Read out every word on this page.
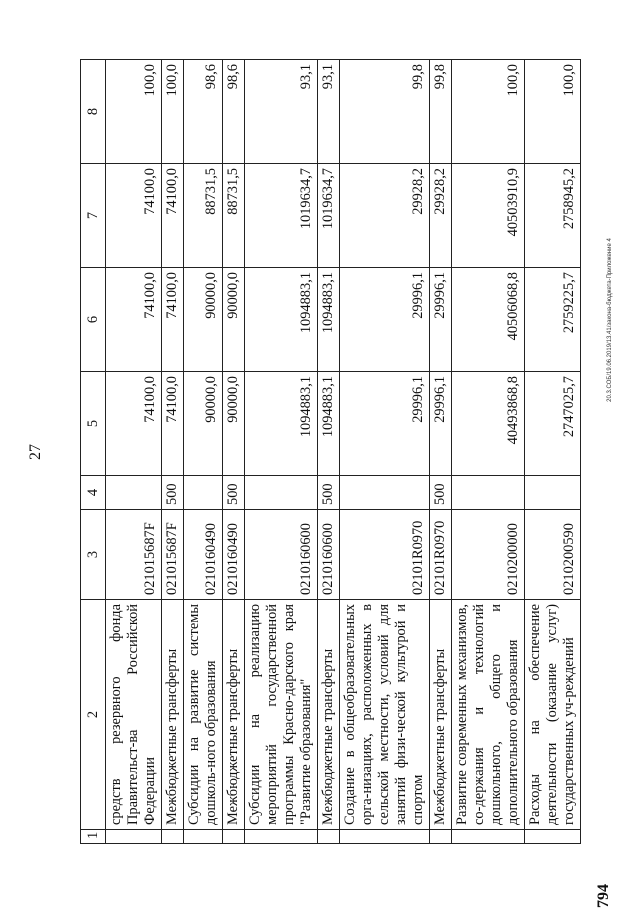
27
1	2	3	4	5	6	7	8
	средств резервного фонда Правительст-ва Российской Федерации	021015687F		74100,0	74100,0	74100,0	100,0
	Межбюджетные трансферты	021015687F	500	74100,0	74100,0	74100,0	100,0
	Субсидии на развитие системы дошколь-ного образования	0210160490		90000,0	90000,0	88731,5	98,6
	Межбюджетные трансферты	0210160490	500	90000,0	90000,0	88731,5	98,6
	Субсидии на реализацию мероприятий государственной программы Красно-дарского края "Развитие образования"	0210160600		1094883,1	1094883,1	1019634,7	93,1
	Межбюджетные трансферты	0210160600	500	1094883,1	1094883,1	1019634,7	93,1
	Создание в общеобразовательных орга-низациях, расположенных в сельской местности, условий для занятий физи-ческой культурой и спортом	02101R0970		29996,1	29996,1	29928,2	99,8
	Межбюджетные трансферты	02101R0970	500	29996,1	29996,1	29928,2	99,8
	Развитие современных механизмов, со-держания и технологий дошкольного, общего и дополнительного образования	0210200000		40493868,8	40506068,8	40503910,9	100,0
	Расходы на обеспечение деятельности (оказание услуг) государственных уч-реждений	0210200590		2747025,7	2759225,7	2758945,2	100,0
20.3.СОБ/19.06.2019/13.41/закона-бюджета-Приложение 4
794
